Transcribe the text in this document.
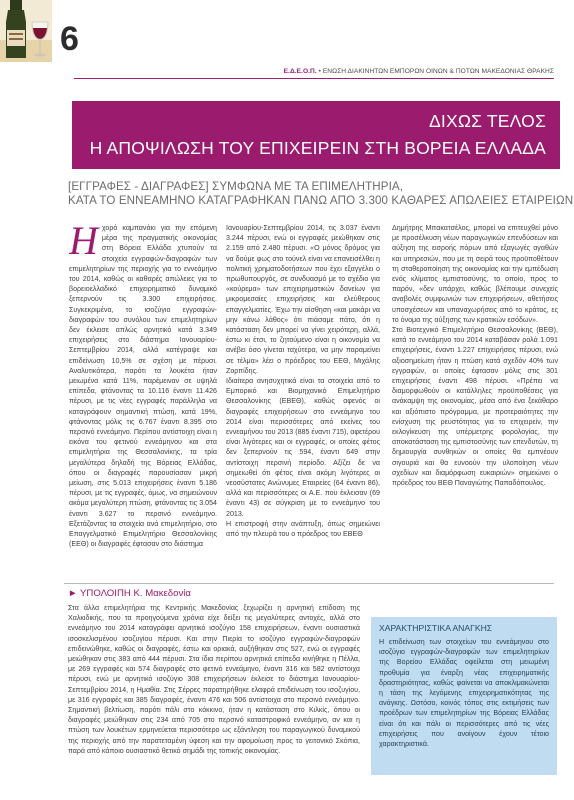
6
Ε.Δ.Ε.Ο.Π. • ΕΝΩΣΗ ΔΙΑΚΙΝΗΤΩΝ ΕΜΠΟΡΩΝ ΟΙΝΩΝ & ΠΟΤΩΝ ΜΑΚΕΔΟΝΙΑΣ ΘΡΑΚΗΣ
ΔΙΧΩΣ ΤΕΛΟΣ
Η ΑΠΟΨΙΛΩΣΗ ΤΟΥ ΕΠΙΧΕΙΡΕΙΝ ΣΤΗ ΒΟΡΕΙΑ ΕΛΛΑΔΑ
[ΕΓΓΡΑΦΕΣ - ΔΙΑΓΡΑΦΕΣ] ΣΥΜΦΩΝΑ ΜΕ ΤΑ ΕΠΙΜΕΛΗΤΗΡΙΑ,
ΚΑΤΑ ΤΟ ΕΝΝΕΑΜΗΝΟ ΚΑΤΑΓΡΑΦΗΚΑΝ ΠΑΝΩ ΑΠΟ 3.300 ΚΑΘΑΡΕΣ ΑΠΩΛΕΙΕΣ ΕΤΑΙΡΕΙΩΝ
Η χορό καμπανάκι για την επόμενη μέρα της πραγματικής οικονομίας στη Βόρεια Ελλάδα χτυπούν τα στοιχεία εγγραφών-διαγραφών των επιμελητηρίων της περιοχής για το εννεάμηνο του 2014, καθώς οι καθαρές απώλειες για το βορειοελλαδικό επιχειρηματικό δυναμικό ξεπερνούν τις 3.300 επιχειρήσεις. Συγκεκριμένα, το ισοζύγιο εγγραφών-διαγραφών του συνόλου των επιμελητηρίων δεν έκλεισε απλώς αρνητικό κατά 3.349 επιχειρήσεις στο διάστημα Ιανουαρίου-Σεπτεμβρίου 2014, αλλά κατέγραψε και επιδείνωση 10,5% σε σχέση με πέρυσι. Αναλυτικότερα, παρότι τα λουκέτα ήταν μειωμένα κατά 11%, παρέμειναν σε υψηλά επίπεδα, φτάνοντας τα 10.116 έναντι 11.426 πέρυσι, με τις νέες εγγραφές παράλληλα να καταγράφουν σημαντική πτώση, κατά 19%, φτάνοντας μόλις τις 6.767 έναντι 8.395 στο περσινό εννεάμηνο. Περίπου αντίστοιχη είναι η εικόνα του φετινού εννεάμηνου και στα επιμελητήρια της Θεσσαλονίκης, τα τρία μεγαλύτερα δηλαδή της Βόρειας Ελλάδας, όπου οι διαγραφές παρουσίασαν μικρή μείωση, στις 5.013 επιχειρήσεις έναντι 5.186 πέρυσι, με τις εγγραφές, όμως, να σημειώνουν ακόμα μεγαλύτερη πτώση, φτάνοντας τις 3.054 έναντι 3.627 το περσινό εννεάμηνο. Εξετάζοντας τα στοιχεία ανά επιμελητήριο, στο Επαγγελματικό Επιμελητήριο Θεσσαλονίκης (ΕΕΘ) οι διαγραφές έφτασαν στο διάστημα

Ιανουαρίου-Σεπτεμβρίου 2014, τις 3.037 έναντι 3.244 πέρυσι, ενώ οι εγγραφές μειώθηκαν στις 2.159 από 2.480 πέρυσι. «Ο μόνος δρόμος για να δούμε φως στο τούνελ είναι να επανεισέλθει η πολιτική χρηματοδοτήσεων που έχει εξαγγέλει ο πρωθυπουργός, σε συνδυασμό με το σχέδιο για «κούρεμα» των επιχειρηματικών δανείων για μικρομεσαίες επιχειρήσεις και ελεύθερους επαγγελματίες. Έχω την αίσθηση «και μακάρι να μην κάνω λάθος» ότι πιάσαμε πάτο, ότι η κατάσταση δεν μπορεί να γίνει χειρότερη, αλλά, έστω κι έτσι, το ζητούμενο είναι η οικονομία να ανέβει όσο γίνεται ταχύτερα, να μην παραμείνει σε τέλμα» λέει ο πρόεδρος του ΕΕΘ, Μιχάλης Ζορπίδης.

Ιδιαίτερα ανησυχητικά είναι τα στοιχεία από το Εμπορικό και Βιομηχανικό Επιμελητήριο Θεσσαλονίκης (ΕΒΕΘ), καθώς αφενός οι διαγραφές επιχειρήσεων στο εννεάμηνο του 2014 είναι περισσότερες από εκείνες του εννεαμήνου του 2013 (885 έναντι 715), αφετέρου είναι λιγότερες και οι εγγραφές, οι οποίες φέτος δεν ξεπερνούν τις 594, έναντι 649 στην αντίστοιχη περσινή περίοδο. Αξίζει δε να σημειωθεί ότι φέτος είναι ακόμη λιγότερες οι νεοσύστατες Ανώνυμες Εταιρείες (64 έναντι 86), αλλά και περισσότερες οι Α.Ε. που έκλεισαν (69 έναντι 43) σε σύγκριση με το εννεάμηνο του 2013.

Η επιστροφή στην ανάπτυξη, όπως σημειώνει από την πλευρά του ο πρόεδρος του ΕΒΕΘ

Δημήτρης Μπακατσέλος, μπορεί να επιτευχθεί μόνο με προσέλκυση νέων παραγωγικών επενδύσεων και αύξηση της εισροής πόρων από εξαγωγές αγαθών και υπηρεσιών, που με τη σειρά τους προϋποθέτουν τη σταθεροποίηση της οικονομίας και την εμπέδωση ενός κλίματος εμπιστοσύνης, το οποίο, προς το παρόν, «δεν υπάρχει, καθώς βλέπουμε συνεχείς αναβολές συμφωνιών των επιχειρήσεων, αθετήσεις υποσχέσεων και υπαναχωρήσεις από το κράτος, ες το όνομα της αύξησης των κρατικών εσόδων».

Στο Βιοτεχνικό Επιμελητήριο Θεσσαλονίκης (ΒΕΘ), κατά το εννεάμηνο του 2014 καταβάσαν ρολά 1.091 επιχειρήσεις, έναντι 1.227 επιχειρήσεις πέρυσι, ενώ αξιοσημείωτη ήταν η πτώση κατά σχεδόν 40% των εγγραφών, οι οποίες έφτασαν μόλις στις 301 επιχειρήσεις έναντι 498 πέρυσι. «Πρέπει να διαμορφωθούν οι κατάλληλες προϋποθέσεις για ανάκαμψη της οικονομίας, μέσα από ένα ξεκάθαρο και αξιόπιστο πρόγραμμα, με προτεραιότητες την ενίσχυση της ρευστότητας για το επιχειρείν, την εκλογίκευση της υπέρμετρης φορολογίας, την αποκατάσταση της εμπιστοσύνης των επενδυτών, τη δημιουργία συνθηκών οι οποίες θα εμπνέουν σιγουριά και θα ευνοούν την υλοποίηση νέων σχεδίων και διαμόρφωση ευκαιριών» σημειώνει ο πρόεδρος του ΒΕΘ Παναγιώτης Παπαδόπουλος.

► ΥΠΟΛΟΙΠΗ Κ. Μακεδονία
Στα άλλα επιμελητήρια της Κεντρικής Μακεδονίας ξεχωρίζει η αρνητική επίδοση της Χαλκιδικής, που τα προηγούμενα χρόνια είχε δείξει τις μεγαλύτερες αντοχές, αλλά στο εννεάμηνο του 2014 καταγράφει αρνητικό ισοζύγιο 158 επιχειρήσεων, έναντι ουσιαστικά ισοσκελισμένου ισοζυγίου πέρυσι. Και στην Πιερία το ισοζύγιο εγγραφών-διαγραφών επιδεινώθηκε, καθώς οι διαγραφές, έστω και οριακά, αυξήθηκαν στις 527, ενώ οι εγγραφές μειώθηκαν στις 383 από 444 πέρυσι. Στα ίδια περίπου αρνητικά επίπεδα κινήθηκε η Πέλλα, με 269 εγγραφές και 574 διαγραφές στο φετινό εννεάμηνο, έναντι 316 και 582 αντίστοιχα πέρυσι, ενώ με αρνητικό ισοζύγιο 308 επιχειρήσεων έκλεισε το διάστημα Ιανουαρίου-Σεπτεμβρίου 2014, η Ημαθία. Στις Σέρρες παρατηρήθηκε ελαφρά επιδείνωση του ισοζυγίου, με 316 εγγραφές και 385 διαγραφές, έναντι 476 και 506 αντίστοιχα στο περσινό εννεάμηνο. Σημαντική βελτίωση, παρότι πάλι στο κόκκινο, ήταν η κατάσταση στο Κιλκίς, όπου οι διαγραφές μειώθηκαν στις 234 από 705 στο περσινό καταστροφικό εννεάμηνο, αν και η πτώση των λουκέτων ερμηνεύεται περισσότερο ως εξάντληση του παραγωγικού δυναμικού της περιοχής από την παρατεταμένη ύφεση και την αφομοίωση προς το γειτονικό Σκόπια, παρά από κάποιο ουσιαστικό θετικό σημάδι της τοπικής οικονομίας.
ΧΑΡΑΚΤΗΡΙΣΤΙΚΑ ΑΝΑΓΚΗΣ
Η επιδείνωση των στοιχείων του εννεάμηνου στο ισοζύγιο εγγραφών-διαγραφών των επιμελητηρίων της Βορείου Ελλάδας οφείλεται στη μειωμένη προθυμία για έναρξη νέας επιχειρηματικής δραστηριότητας, καθώς φαίνεται να αποκλιμακώνεται η τάση της λεγόμενης επιχειρηματικότητας της ανάγκης. Ωστόσο, κοινός τόπος στις εκτιμήσεις των προέδρων των επιμελητηρίων της Βόρειας Ελλάδας είναι ότι και πάλι οι περισσότερες από τις νέες επιχειρήσεις που ανοίγουν έχουν τέτοιο χαρακτηριστικά.
